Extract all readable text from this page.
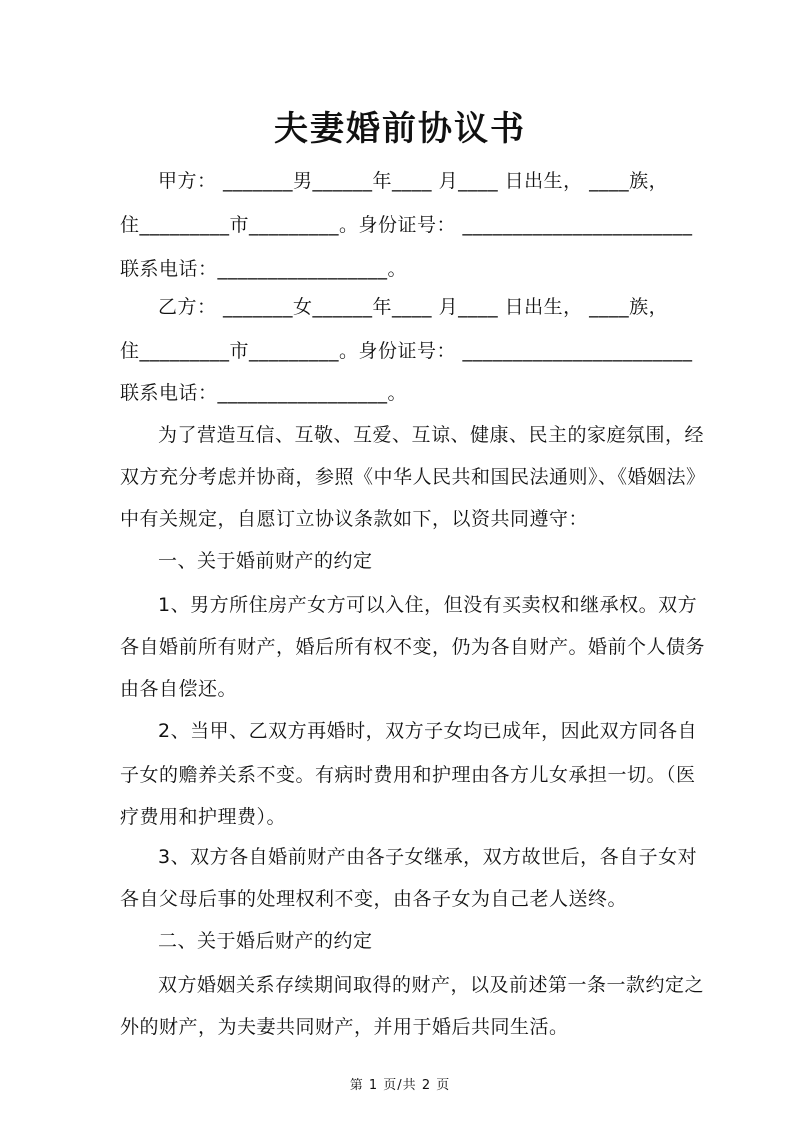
夫妻婚前协议书
甲方： _______男______年____ 月____ 日出生， ____族，
住_________市_________。身份证号： _______________________
联系电话：_________________。
乙方： _______女______年____ 月____ 日出生， ____族，
住_________市_________。身份证号： _______________________
联系电话：_________________。
为了营造互信、互敬、互爱、互谅、健康、民主的家庭氛围，经
双方充分考虑并协商，参照《中华人民共和国民法通则》、《婚姻法》
中有关规定，自愿订立协议条款如下，以资共同遵守：
一、关于婚前财产的约定
1、男方所住房产女方可以入住，但没有买卖权和继承权。双方
各自婚前所有财产，婚后所有权不变，仍为各自财产。婚前个人债务
由各自偿还。
2、当甲、乙双方再婚时，双方子女均已成年，因此双方同各自
子女的赡养关系不变。有病时费用和护理由各方儿女承担一切。（医
疗费用和护理费）。
3、双方各自婚前财产由各子女继承，双方故世后，各自子女对
各自父母后事的处理权利不变，由各子女为自己老人送终。
二、关于婚后财产的约定
双方婚姻关系存续期间取得的财产，以及前述第一条一款约定之
外的财产，为夫妻共同财产，并用于婚后共同生活。
第 1 页/共 2 页
